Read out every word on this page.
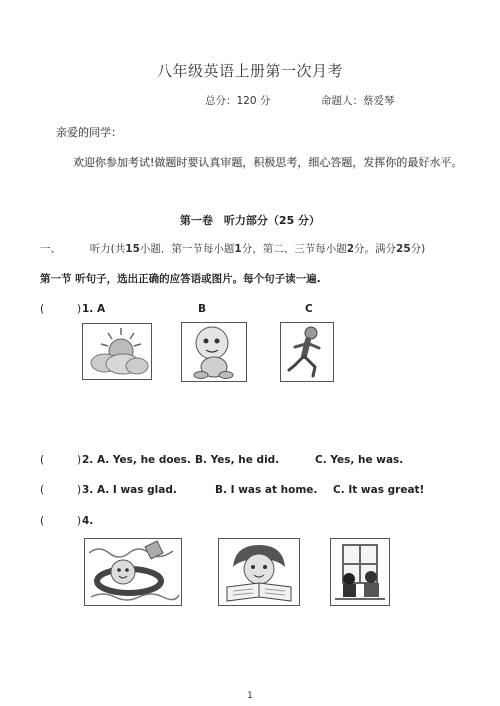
八年级英语上册第一次月考
总分：120 分	命题人：蔡爱琴
亲爱的同学：
欢迎你参加考试!做题时要认真审题，积极思考，细心答题，发挥你的最好水平。
第一卷　听力部分（25 分）
一、	听力(共15小题．第一节每小题1分，第二、三节每小题2分。满分25分)
第一节 听句子，选出正确的应答语或图片。每个句子读一遍.
(	) 1. A	B	C
(	) 2. A. Yes, he does. B. Yes, he did.	C. Yes, he was.
(	) 3. A. I was glad.	B. I was at home. C. It was great!
(	) 4.
1
